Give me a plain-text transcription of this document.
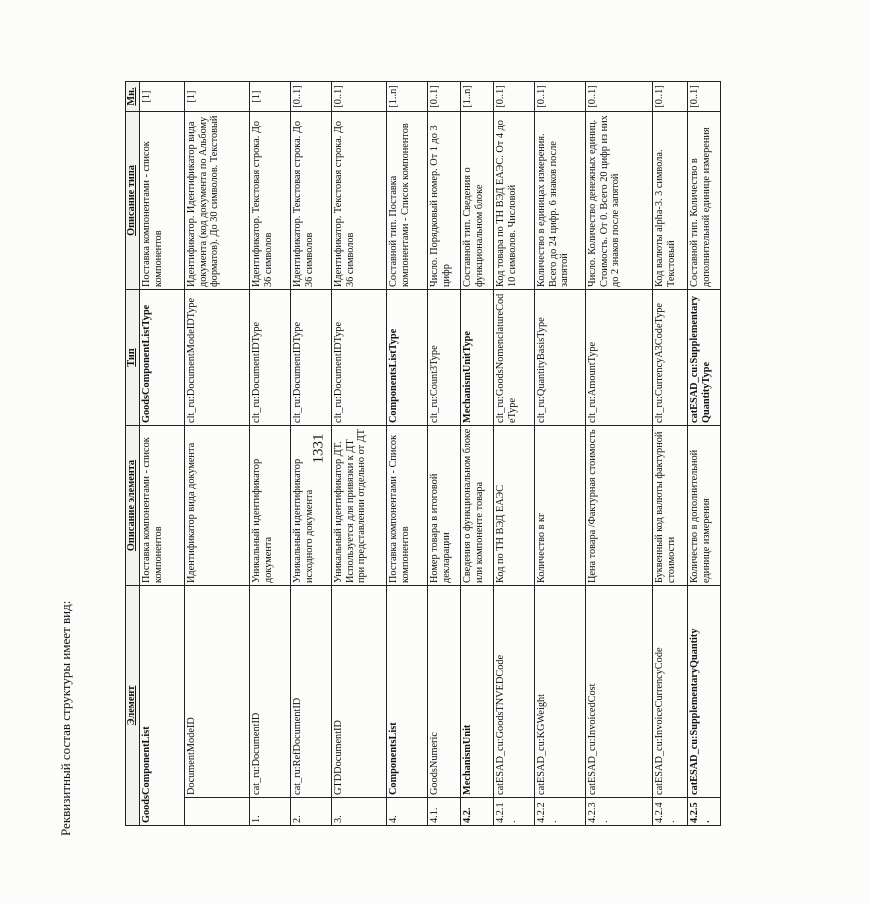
1331
Реквизитный состав структуры имеет вид:	Элемент		Описание элемента	Тип	Описание типа	Мн.
GoodsComponentList		Поставка компонентами - список компонентов	GoodsComponentListType	Поставка компонентами - список компонентов	[1]
	DocumentModeID	Идентификатор вида документа	clt_ru:DocumentModeIDType	Идентификатор. Идентификатор вида документа (код документа по Альбому форматов). До 30 символов. Текстовый	[1]
1.	cat_ru:DocumentID	Уникальный идентификатор документа	clt_ru:DocumentIDType	Идентификатор. Текстовая строка. До 36 символов	[1]
2.	cat_ru:RefDocumentID	Уникальный идентификатор исходного документа	clt_ru:DocumentIDType	Идентификатор. Текстовая строка. До 36 символов	[0..1]
3.	GTDDocumentID	Уникальный идентификатор ДТ. Используется для привязки к ДТ при представлении отдельно от ДТ	clt_ru:DocumentIDType	Идентификатор. Текстовая строка. До 36 символов	[0..1]
4.	ComponentsList	Поставка компонентами - Список компонентов	ComponentsListType	Составной тип. Поставка компонентами - Список компонентов	[1..n]
4.1.	GoodsNumeric	Номер товара в итоговой декларации	clt_ru:Count3Type	Число. Порядковый номер. От 1 до 3 цифр	[0..1]
4.2.	MechanismUnit	Сведения о функциональном блоке или компоненте товара	MechanismUnitType	Составной тип. Сведения о функциональном блоке	[1..n]
4.2.1.	catESAD_cu:GoodsTNVEDCode	Код по ТН ВЭД ЕАЭС	clt_ru:GoodsNomenclatureCodeType	Код товара по ТН ВЭД ЕАЭС. От 4 до 10 символов. Числовой	[0..1]
4.2.2.	catESAD_cu:KGWeight	Количество в кг	clt_ru:QuantityBasisType	Количество в единицах измерения. Всего до 24 цифр. 6 знаков после запятой	[0..1]
4.2.3.	catESAD_cu:InvoicedCost	Цена товара /Фактурная стоимость	clt_ru:AmountType	Число. Количество денежных единиц. Стоимость. От 0. Всего 20 цифр из них до 2 знаков после запятой	[0..1]
4.2.4.	catESAD_cu:InvoiceCurrencyCode	Буквенный код валюты фактурной стоимости	clt_ru:CurrencyA3CodeType	Код валюты alpha-3. 3 символа. Текстовый	[0..1]
4.2.5.	catESAD_cu:SupplementaryQuantity	Количество в дополнительной единице измерения	catESAD_cu:SupplementaryQuantityType	Составной тип. Количество в дополнительной единице измерения	[0..1]
